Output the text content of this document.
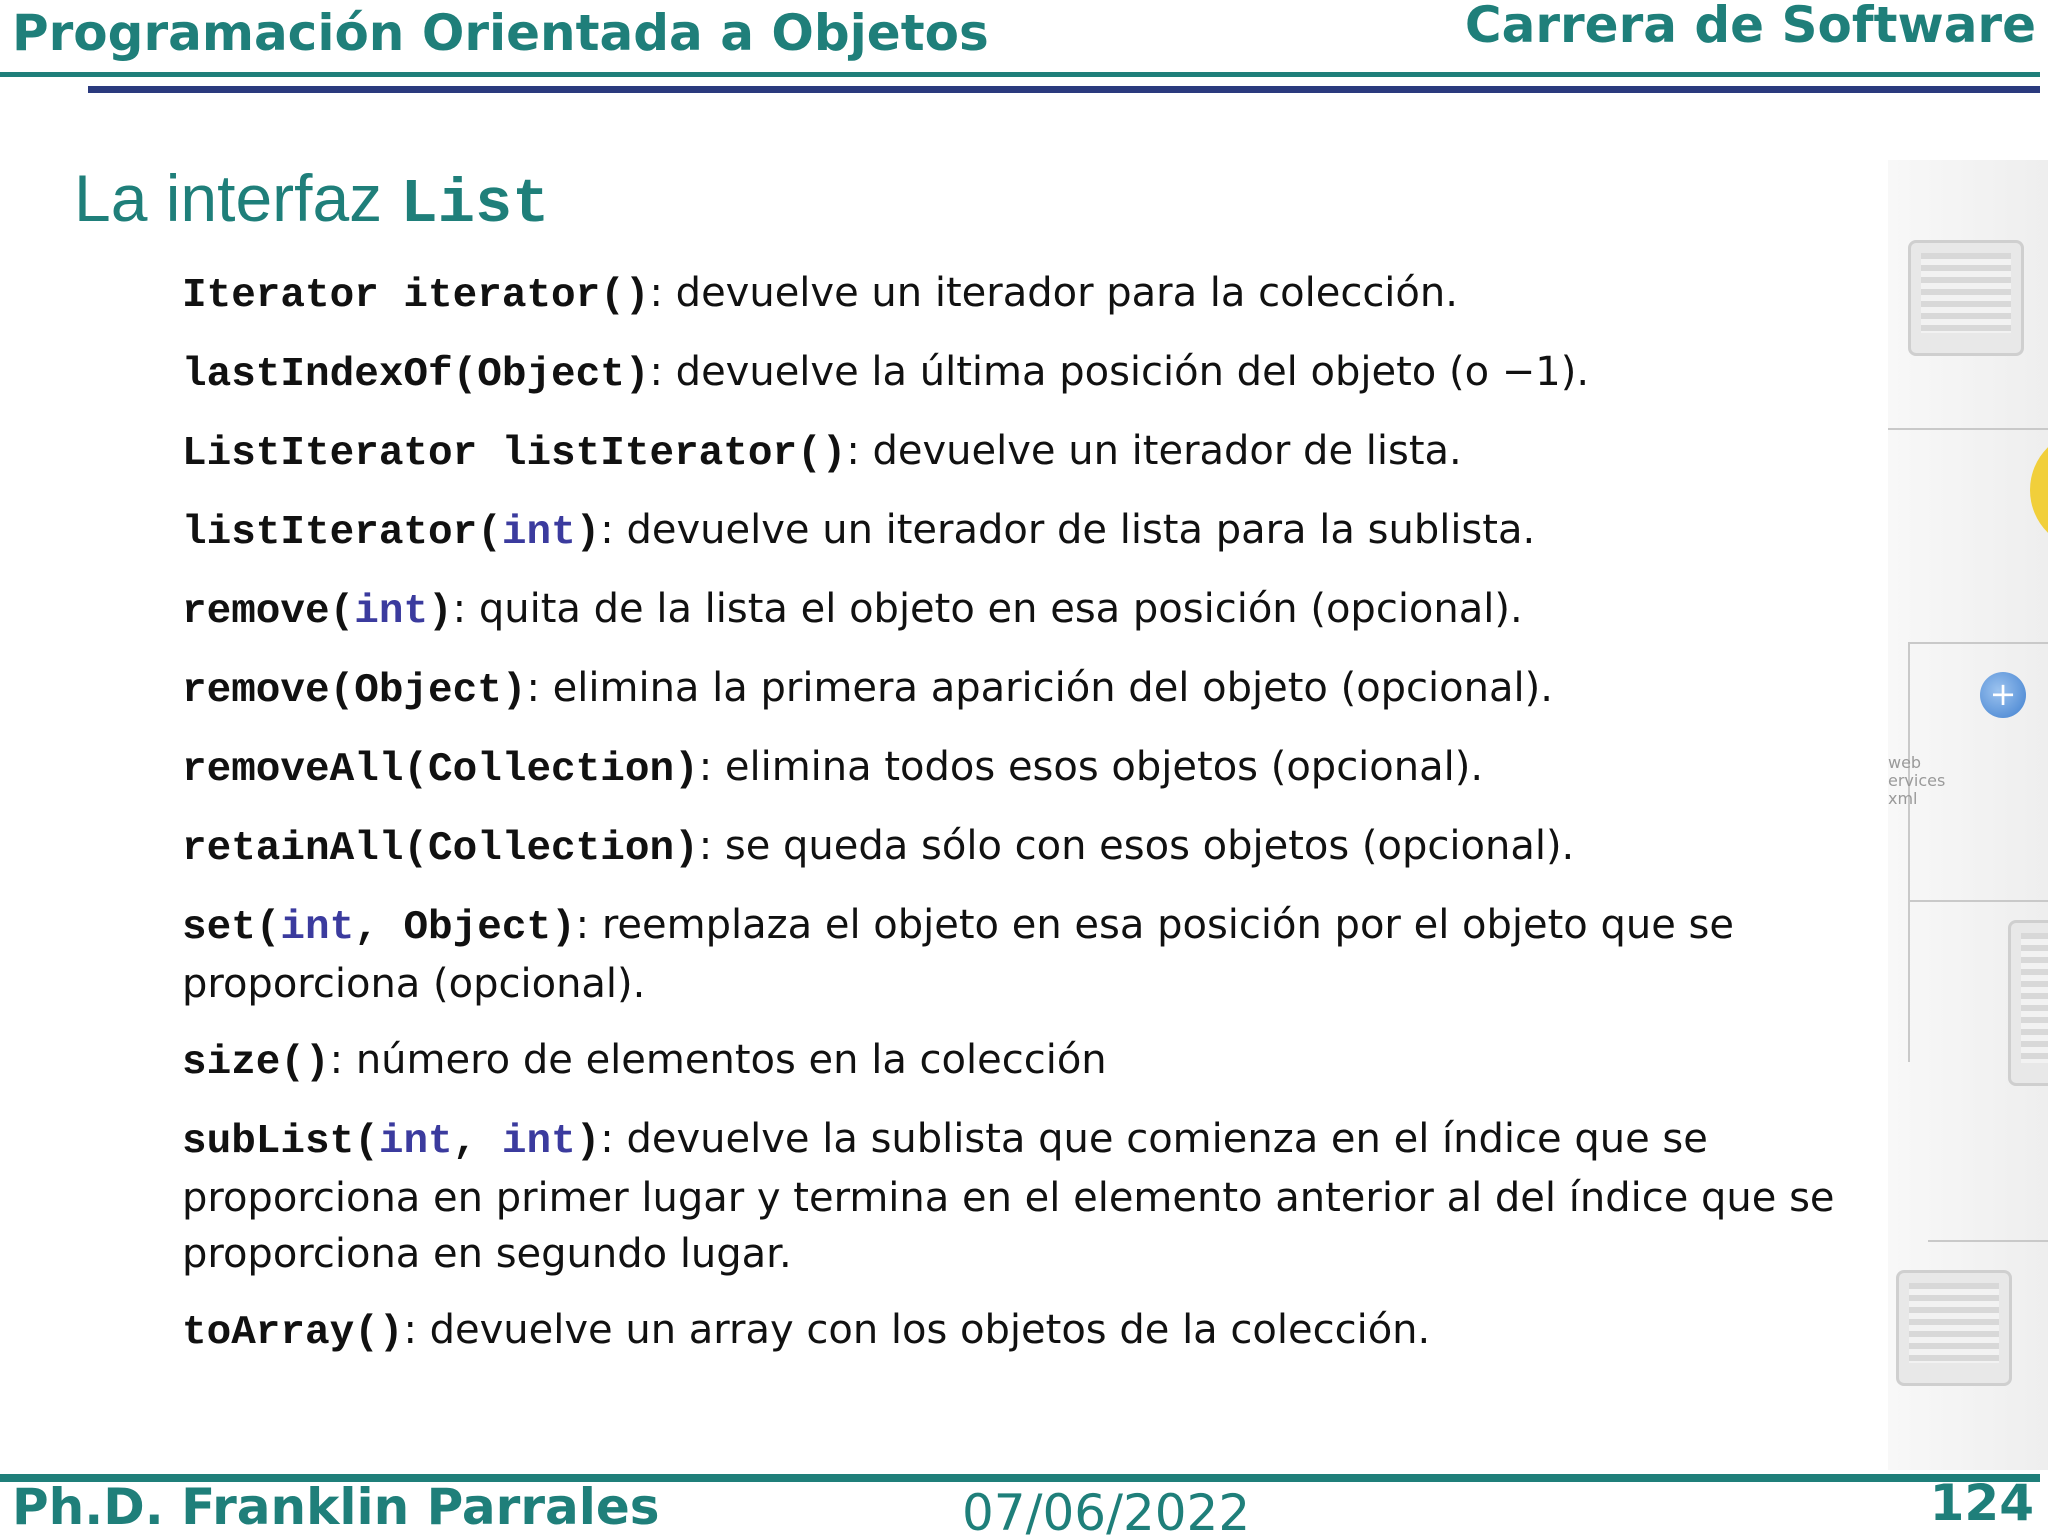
Programación Orientada a Objetos	Carrera de Software
La interfaz List
Iterator iterator(): devuelve un iterador para la colección.
lastIndexOf(Object): devuelve la última posición del objeto (o −1).
ListIterator listIterator(): devuelve un iterador de lista.
listIterator(int): devuelve un iterador de lista para la sublista.
remove(int): quita de la lista el objeto en esa posición (opcional).
remove(Object): elimina la primera aparición del objeto (opcional).
removeAll(Collection): elimina todos esos objetos (opcional).
retainAll(Collection): se queda sólo con esos objetos (opcional).
set(int, Object): reemplaza el objeto en esa posición por el objeto que se proporciona (opcional).
size(): número de elementos en la colección
subList(int, int): devuelve la sublista que comienza en el índice que se proporciona en primer lugar y termina en el elemento anterior al del índice que se proporciona en segundo lugar.
toArray(): devuelve un array con los objetos de la colección.
+
web
ervices
xml
Ph.D. Franklin Parrales	07/06/2022	124
